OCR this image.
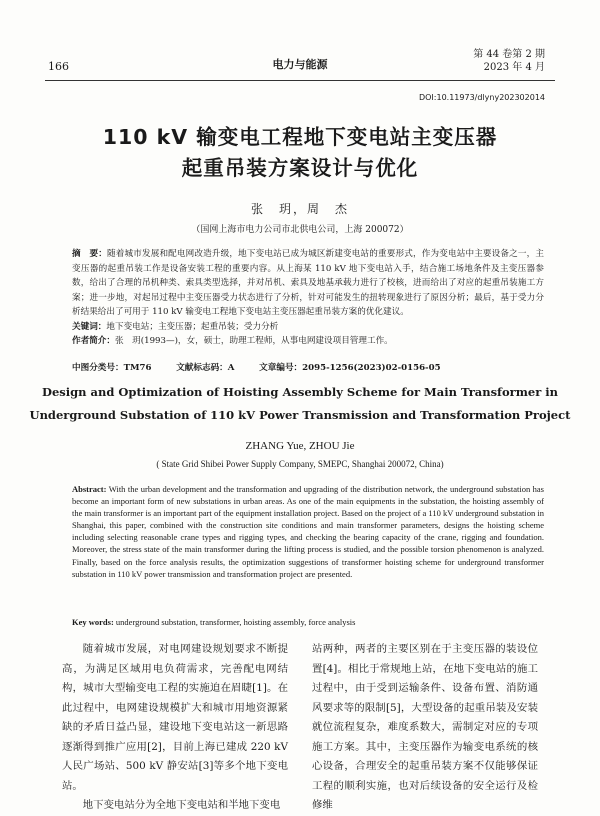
166	电力与能源
第 44 卷第 2 期
2023 年 4 月
DOI:10.11973/dlyny202302014
110 kV 输变电工程地下变电站主变压器
起重吊装方案设计与优化
张　玥，周　杰
（国网上海市电力公司市北供电公司，上海 200072）

摘　要：随着城市发展和配电网改造升级，地下变电站已成为城区新建变电站的重要形式，作为变电站中主要设备之一，主变压器的起重吊装工作是设备安装工程的重要内容。从上海某 110 kV 地下变电站入手，结合施工场地条件及主变压器参数，给出了合理的吊机种类、索具类型选择，并对吊机、索具及地基承载力进行了校核，进而给出了对应的起重吊装施工方案；进一步地，对起吊过程中主变压器受力状态进行了分析，针对可能发生的扭转现象进行了原因分析；最后，基于受力分析结果给出了可用于 110 kV 输变电工程地下变电站主变压器起重吊装方案的优化建议。

关键词：地下变电站；主变压器；起重吊装；受力分析

作者简介：张　玥(1993—)，女，硕士，助理工程师，从事电网建设项目管理工作。

中图分类号：TM76	文献标志码：A	文章编号：2095-1256(2023)02-0156-05
Design and Optimization of Hoisting Assembly Scheme for Main Transformer in
Underground Substation of 110 kV Power Transmission and Transformation Project
ZHANG Yue, ZHOU Jie
( State Grid Shibei Power Supply Company, SMEPC, Shanghai 200072, China)
Abstract: With the urban development and the transformation and upgrading of the distribution network, the underground substation has become an important form of new substations in urban areas. As one of the main equipments in the substation, the hoisting assembly of the main transformer is an important part of the equipment installation project. Based on the project of a 110 kV underground substation in Shanghai, this paper, combined with the construction site conditions and main transformer parameters, designs the hoisting scheme including selecting reasonable crane types and rigging types, and checking the bearing capacity of the crane, rigging and foundation. Moreover, the stress state of the main transformer during the lifting process is studied, and the possible torsion phenomenon is analyzed. Finally, based on the force analysis results, the optimization suggestions of transformer hoisting scheme for underground transformer substation in 110 kV power transmission and transformation project are presented.
Key words: underground substation, transformer, hoisting assembly, force analysis

随着城市发展，对电网建设规划要求不断提高，为满足区域用电负荷需求，完善配电网结构，城市大型输变电工程的实施迫在眉睫[1]。在此过程中，电网建设规模扩大和城市用地资源紧缺的矛盾日益凸显，建设地下变电站这一新思路逐渐得到推广应用[2]，目前上海已建成 220 kV 人民广场站、500 kV 静安站[3]等多个地下变电站。

地下变电站分为全地下变电站和半地下变电

站两种，两者的主要区别在于主变压器的装设位置[4]。相比于常规地上站，在地下变电站的施工过程中，由于受到运输条件、设备布置、消防通风要求等的限制[5]，大型设备的起重吊装及安装就位流程复杂，难度系数大，需制定对应的专项施工方案。其中，主变压器作为输变电系统的核心设备，合理安全的起重吊装方案不仅能够保证工程的顺利实施，也对后续设备的安全运行及检修维
